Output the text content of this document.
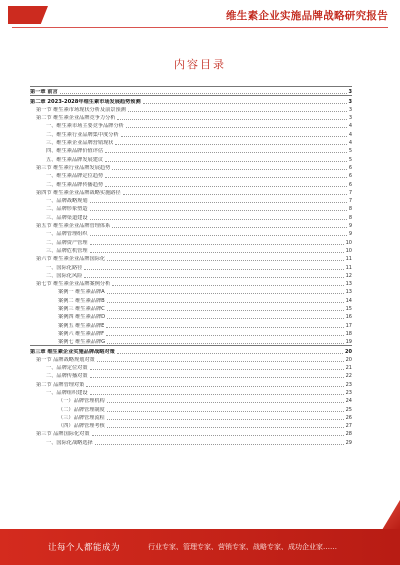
维生素企业实施品牌战略研究报告
内容目录
第一章 前言	3
第二章 2023-2028年维生素市场发展趋势预测	3
第一节 维生素市场现状分析及前景预测	3
第二节 维生素企业品牌竞争力分析	3
一、维生素市场主要竞争品牌分析	4
二、维生素行业品牌集中度分析	4
三、维生素企业品牌营销现状	4
四、维生素品牌价值评估	5
五、维生素品牌发展建议	5
第三节 维生素行业品牌发展趋势	6
一、维生素品牌定位趋势	6
二、维生素品牌传播趋势	6
第四节 维生素企业品牌战略实施路径	7
一、品牌战略规划	7
二、品牌形象塑造	8
三、品牌渠道建设	8
第五节 维生素企业品牌管理体系	9
一、品牌管理组织	9
二、品牌资产管理	10
三、品牌危机管理	10
第六节 维生素企业品牌国际化	11
一、国际化路径	11
二、国际化风险	12
第七节 维生素企业品牌案例分析	13
案例一 维生素品牌A	13
案例二 维生素品牌B	14
案例三 维生素品牌C	15
案例四 维生素品牌D	16
案例五 维生素品牌E	17
案例六 维生素品牌F	18
案例七 维生素品牌G	19
第三章 维生素企业实施品牌战略对策	20
第一节 品牌战略规划对策	20
一、品牌定位对策	21
二、品牌传播对策	22
第二节 品牌管理对策	23
一、品牌组织建设	23
（一）品牌管理机构	24
（二）品牌管理制度	25
（三）品牌管理流程	26
（四）品牌管理考核	27
第三节 品牌国际化对策	28
一、国际化战略选择	29
让每个人都能成为	行业专家、管理专家、营销专家、战略专家、成功企业家……
